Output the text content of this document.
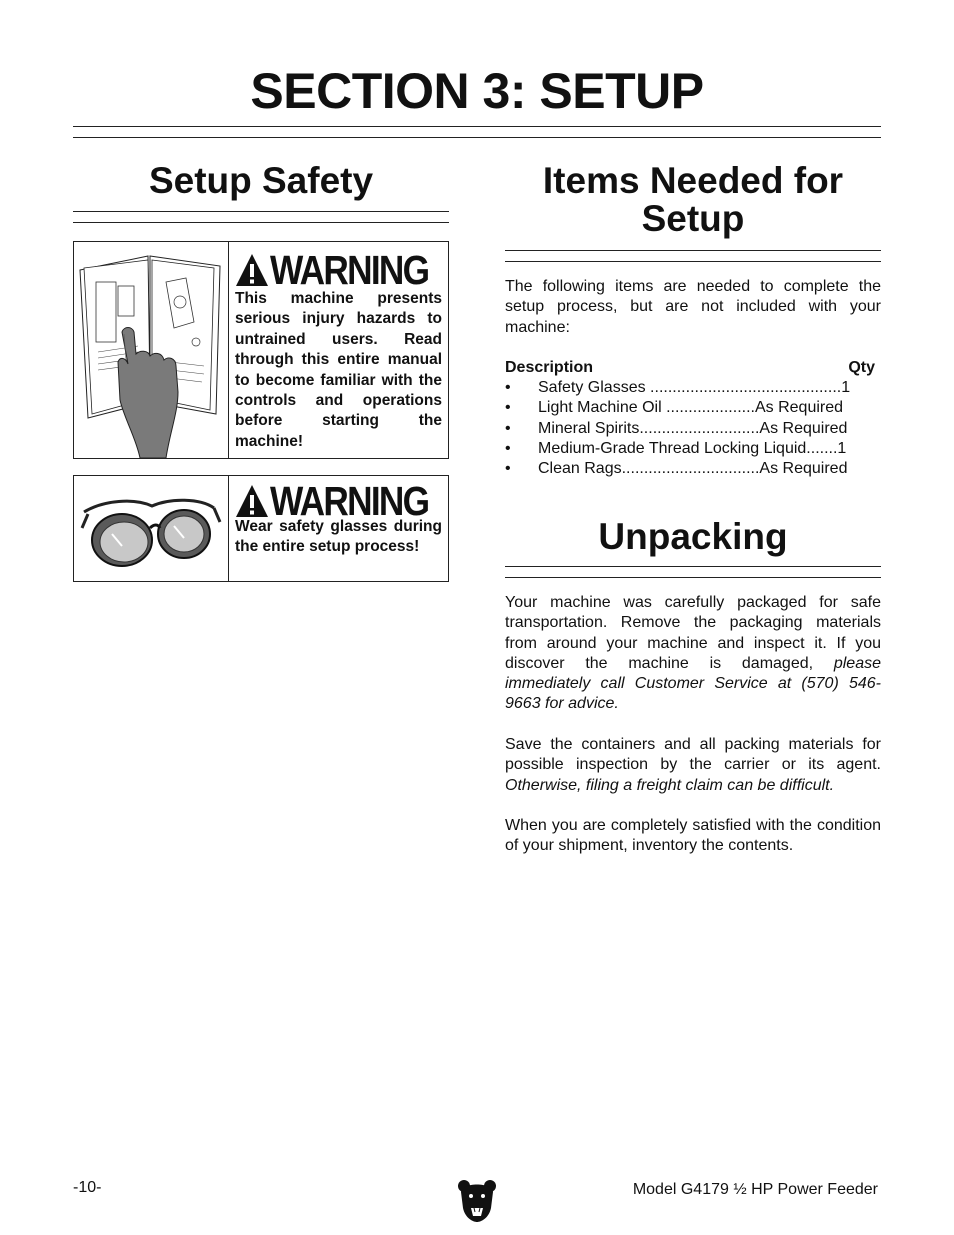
SECTION 3: SETUP
Setup Safety
WARNING
This machine presents serious injury hazards to untrained users. Read through this entire manual to become familiar with the controls and operations before starting the machine!
WARNING
Wear safety glasses during the entire setup process!
Items Needed for
Setup
The following items are needed to complete the setup process, but are not included with your machine:
Description	Qty
• Safety Glasses ...........................................1
• Light Machine Oil ....................As Required
• Mineral Spirits...........................As Required
• Medium-Grade Thread Locking Liquid.......1
• Clean Rags...............................As Required
Unpacking
Your machine was carefully packaged for safe transportation. Remove the packaging materials from around your machine and inspect it. If you discover the machine is damaged, please immediately call Customer Service at (570) 546-9663 for advice.
Save the containers and all packing materials for possible inspection by the carrier or its agent. Otherwise, filing a freight claim can be difficult.
When you are completely satisfied with the condition of your shipment, inventory the contents.
-10-	Model G4179 ½ HP Power Feeder
